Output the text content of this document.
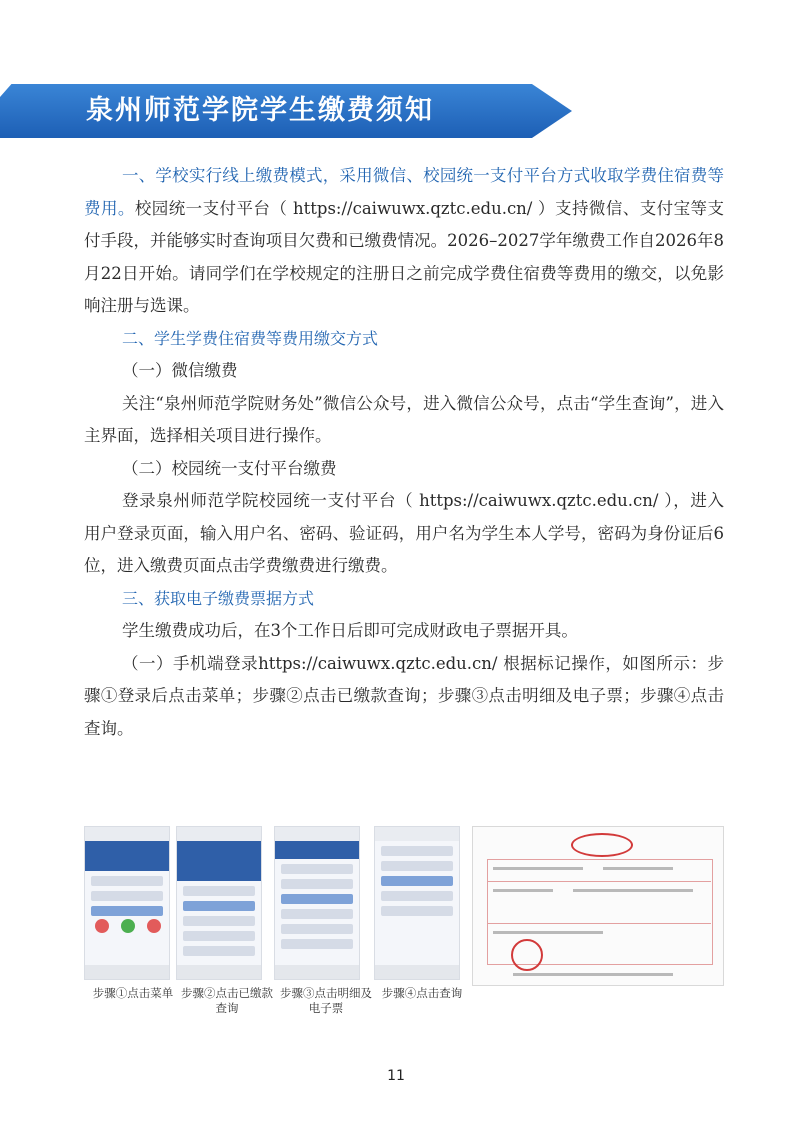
泉州师范学院学生缴费须知

一、学校实行线上缴费模式，采用微信、校园统一支付平台方式收取学费住宿费等费用。校园统一支付平台（ https://caiwuwx.qztc.edu.cn/ ）支持微信、支付宝等支付手段，并能够实时查询项目欠费和已缴费情况。2026–2027学年缴费工作自2026年8月22日开始。请同学们在学校规定的注册日之前完成学费住宿费等费用的缴交，以免影响注册与选课。

二、学生学费住宿费等费用缴交方式

（一）微信缴费

关注“泉州师范学院财务处”微信公众号，进入微信公众号，点击“学生查询”，进入主界面，选择相关项目进行操作。

（二）校园统一支付平台缴费

登录泉州师范学院校园统一支付平台（ https://caiwuwx.qztc.edu.cn/ ），进入用户登录页面，输入用户名、密码、验证码，用户名为学生本人学号，密码为身份证后6位，进入缴费页面点击学费缴费进行缴费。

三、获取电子缴费票据方式

学生缴费成功后，在3个工作日后即可完成财政电子票据开具。

（一）手机端登录https://caiwuwx.qztc.edu.cn/ 根据标记操作，如图所示：步骤①登录后点击菜单；步骤②点击已缴款查询；步骤③点击明细及电子票；步骤④点击查询。

步骤①点击菜单 步骤②点击已缴款查询
步骤③点击明细及电子票
步骤④点击查询
11
